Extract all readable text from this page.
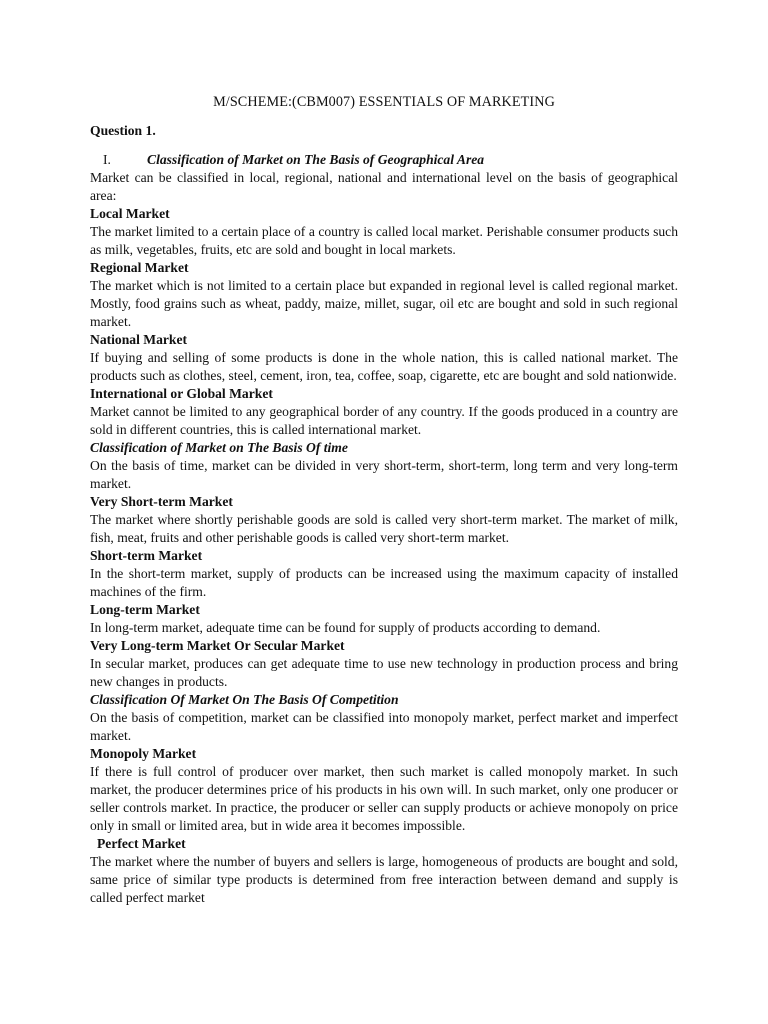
M/SCHEME:(CBM007) ESSENTIALS OF MARKETING

Question 1.

I.	Classification of Market on The Basis of Geographical Area

Market can be classified in local, regional, national and international level on the basis of geographical area:

Local Market

The market limited to a certain place of a country is called local market. Perishable consumer products such as milk, vegetables, fruits, etc are sold and bought in local markets.

Regional Market

The market which is not limited to a certain place but expanded in regional level is called regional market. Mostly, food grains such as wheat, paddy, maize, millet, sugar, oil etc are bought and sold in such regional market.

National Market

If buying and selling of some products is done in the whole nation, this is called national market. The products such as clothes, steel, cement, iron, tea, coffee, soap, cigarette, etc are bought and sold nationwide.

International or Global Market

Market cannot be limited to any geographical border of any country. If the goods produced in a country are sold in different countries, this is called international market.

Classification of Market on The Basis Of time

On the basis of time, market can be divided in very short-term, short-term, long term and very long-term market.

Very Short-term Market

The market where shortly perishable goods are sold is called very short-term market. The market of milk, fish, meat, fruits and other perishable goods is called very short-term market.

Short-term Market

In the short-term market, supply of products can be increased using the maximum capacity of installed machines of the firm.

Long-term Market

In long-term market, adequate time can be found for supply of products according to demand.

Very Long-term Market Or Secular Market

In secular market, produces can get adequate time to use new technology in production process and bring new changes in products.

Classification Of Market On The Basis Of Competition

On the basis of competition, market can be classified into monopoly market, perfect market and imperfect market.

Monopoly Market

If there is full control of producer over market, then such market is called monopoly market. In such market, the producer determines price of his products in his own will. In such market, only one producer or seller controls market. In practice, the producer or seller can supply products or achieve monopoly on price only in small or limited area, but in wide area it becomes impossible.

Perfect Market

The market where the number of buyers and sellers is large, homogeneous of products are bought and sold, same price of similar type products is determined from free interaction between demand and supply is called perfect market
